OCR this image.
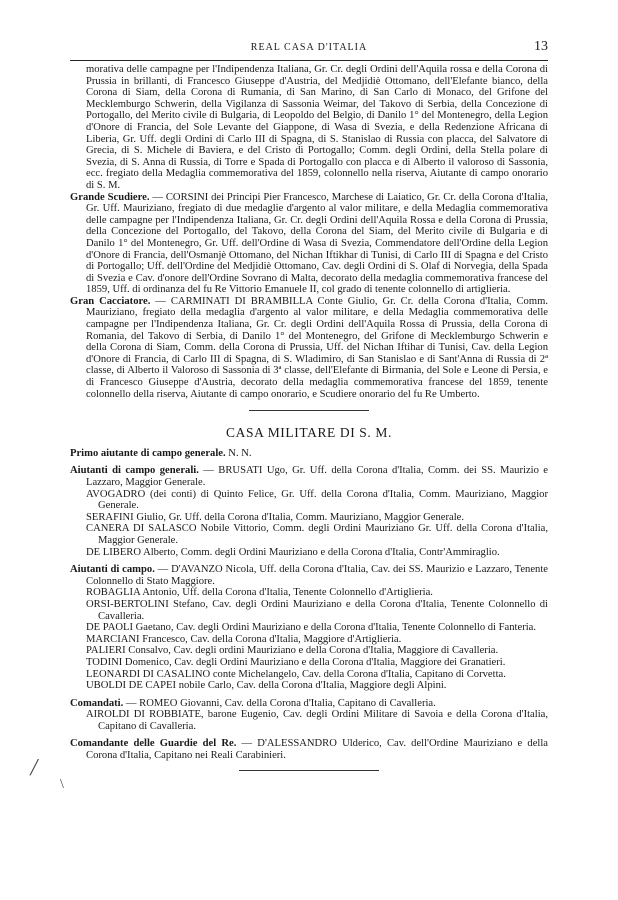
REAL CASA D'ITALIA	13

morativa delle campagne per l'Indipendenza Italiana, Gr. Cr. degli Ordini dell'Aquila rossa e della Corona di Prussia in brillanti, di Francesco Giuseppe d'Austria, del Medjidiè Ottomano, dell'Elefante bianco, della Corona di Siam, della Corona di Rumania, di San Marino, di San Carlo di Monaco, del Grifone del Mecklemburgo Schwerin, della Vigilanza di Sassonia Weimar, del Takovo di Serbia, della Concezione di Portogallo, del Merito civile di Bulgaria, di Leopoldo del Belgio, di Danilo 1° del Montenegro, della Legion d'Onore di Francia, del Sole Levante del Giappone, di Wasa di Svezia, e della Redenzione Africana di Liberia, Gr. Uff. degli Ordini di Carlo III di Spagna, di S. Stanislao di Russia con placca, del Salvatore di Grecia, di S. Michele di Baviera, e del Cristo di Portogallo; Comm. degli Ordini, della Stella polare di Svezia, di S. Anna di Russia, di Torre e Spada di Portogallo con placca e di Alberto il valoroso di Sassonia, ecc. fregiato della Medaglia commemorativa del 1859, colonnello nella riserva, Aiutante di campo onorario di S. M.

Grande Scudiere. — CORSINI dei Principi Pier Francesco, Marchese di Laiatico, Gr. Cr. della Corona d'Italia, Gr. Uff. Mauriziano, fregiato di due medaglie d'argento al valor militare, e della Medaglia commemorativa delle campagne per l'Indipendenza Italiana, Gr. Cr. degli Ordini dell'Aquila Rossa e della Corona di Prussia, della Concezione del Portogallo, del Takovo, della Corona del Siam, del Merito civile di Bulgaria e di Danilo 1° del Montenegro, Gr. Uff. dell'Ordine di Wasa di Svezia, Commendatore dell'Ordine della Legion d'Onore di Francia, dell'Osmanjè Ottomano, del Nichan Iftikhar di Tunisi, di Carlo III di Spagna e del Cristo di Portogallo; Uff. dell'Ordine del Medjidiè Ottomano, Cav. degli Ordini di S. Olaf di Norvegia, della Spada di Svezia e Cav. d'onore dell'Ordine Sovrano di Malta, decorato della medaglia commemorativa francese del 1859, Uff. di ordinanza del fu Re Vittorio Emanuele II, col grado di tenente colonnello di artiglieria.

Gran Cacciatore. — CARMINATI DI BRAMBILLA Conte Giulio, Gr. Cr. della Corona d'Italia, Comm. Mauriziano, fregiato della medaglia d'argento al valor militare, e della Medaglia commemorativa delle campagne per l'Indipendenza Italiana, Gr. Cr. degli Ordini dell'Aquila Rossa di Prussia, della Corona di Romania, del Takovo di Serbia, di Danilo 1° del Montenegro, del Grifone di Mecklemburgo Schwerin e della Corona di Siam, Comm. della Corona di Prussia, Uff. del Nichan Iftihar di Tunisi, Cav. della Legion d'Onore di Francia, di Carlo III di Spagna, di S. Wladimiro, di San Stanislao e di Sant'Anna di Russia di 2ª classe, di Alberto il Valoroso di Sassonia di 3ª classe, dell'Elefante di Birmania, del Sole e Leone di Persia, e di Francesco Giuseppe d'Austria, decorato della medaglia commemorativa francese del 1859, tenente colonnello della riserva, Aiutante di campo onorario, e Scudiere onorario del fu Re Umberto.

CASA MILITARE DI S. M.

Primo aiutante di campo generale. N. N.

Aiutanti di campo generali. — BRUSATI Ugo, Gr. Uff. della Corona d'Italia, Comm. dei SS. Maurizio e Lazzaro, Maggior Generale.

AVOGADRO (dei conti) di Quinto Felice, Gr. Uff. della Corona d'Italia, Comm. Mauriziano, Maggior Generale.

SERAFINI Giulio, Gr. Uff. della Corona d'Italia, Comm. Mauriziano, Maggior Generale.

CANERA DI SALASCO Nobile Vittorio, Comm. degli Ordini Mauriziano Gr. Uff. della Corona d'Italia, Maggior Generale.

DE LIBERO Alberto, Comm. degli Ordini Mauriziano e della Corona d'Italia, Contr'Ammiraglio.

Aiutanti di campo. — D'AVANZO Nicola, Uff. della Corona d'Italia, Cav. dei SS. Maurizio e Lazzaro, Tenente Colonnello di Stato Maggiore.

ROBAGLIA Antonio, Uff. della Corona d'Italia, Tenente Colonnello d'Artiglieria.

ORSI-BERTOLINI Stefano, Cav. degli Ordini Mauriziano e della Corona d'Italia, Tenente Colonnello di Cavalleria.

DE PAOLI Gaetano, Cav. degli Ordini Mauriziano e della Corona d'Italia, Tenente Colonnello di Fanteria.

MARCIANI Francesco, Cav. della Corona d'Italia, Maggiore d'Artiglieria.

PALIERI Consalvo, Cav. degli ordini Mauriziano e della Corona d'Italia, Maggiore di Cavalleria.

TODINI Domenico, Cav. degli Ordini Mauriziano e della Corona d'Italia, Maggiore dei Granatieri.

LEONARDI DI CASALINO conte Michelangelo, Cav. della Corona d'Italia, Capitano di Corvetta.

UBOLDI DE CAPEI nobile Carlo, Cav. della Corona d'Italia, Maggiore degli Alpini.

Comandati. — ROMEO Giovanni, Cav. della Corona d'Italia, Capitano di Cavalleria.

AIROLDI DI ROBBIATE, barone Eugenio, Cav. degli Ordini Militare di Savoia e della Corona d'Italia, Capitano di Cavalleria.

Comandante delle Guardie del Re. — D'ALESSANDRO Ulderico, Cav. dell'Ordine Mauriziano e della Corona d'Italia, Capitano nei Reali Carabinieri.

╱
\
